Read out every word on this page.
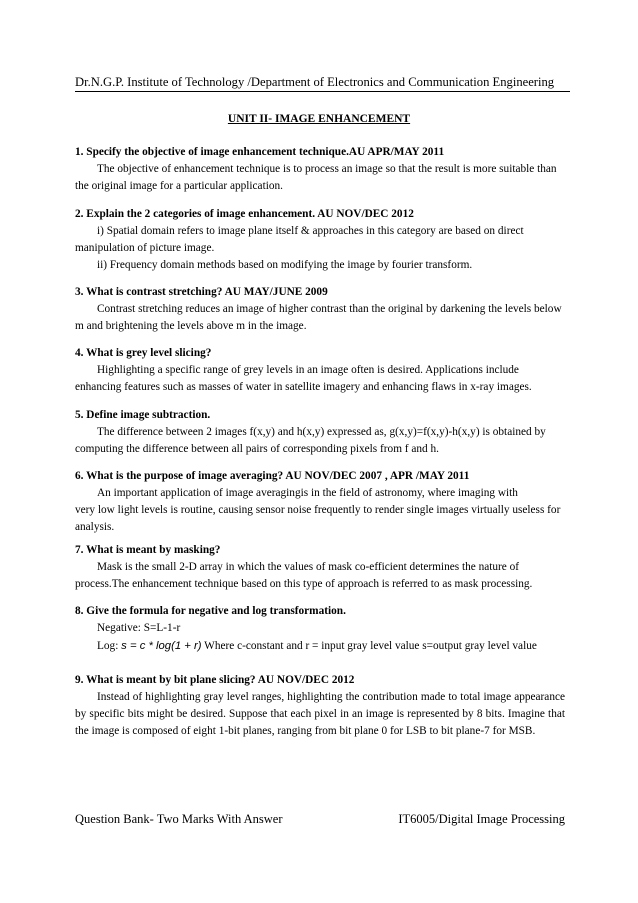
Dr.N.G.P. Institute of Technology /Department of Electronics and Communication Engineering
UNIT II- IMAGE ENHANCEMENT
1. Specify the objective of image enhancement technique.AU APR/MAY 2011
The objective of enhancement technique is to process an image so that the result is more suitable than the original image for a particular application.
2. Explain the 2 categories of image enhancement. AU NOV/DEC 2012
i) Spatial domain refers to image plane itself & approaches in this category are based on direct manipulation of picture image.
ii) Frequency domain methods based on modifying the image by fourier transform.
3. What is contrast stretching? AU MAY/JUNE 2009
Contrast stretching reduces an image of higher contrast than the original by darkening the levels below m and brightening the levels above m in the image.
4. What is grey level slicing?
Highlighting a specific range of grey levels in an image often is desired. Applications include enhancing features such as masses of water in satellite imagery and enhancing flaws in x-ray images.
5. Define image subtraction.
The difference between 2 images f(x,y) and h(x,y) expressed as, g(x,y)=f(x,y)-h(x,y) is obtained by computing the difference between all pairs of corresponding pixels from f and h.
6. What is the purpose of image averaging? AU NOV/DEC 2007 , APR /MAY 2011
An important application of image averagingis in the field of astronomy, where imaging with
very low light levels is routine, causing sensor noise frequently to render single images virtually useless for analysis.
7. What is meant by masking?
Mask is the small 2-D array in which the values of mask co-efficient determines the nature of process.The enhancement technique based on this type of approach is referred to as mask processing.
8. Give the formula for negative and log transformation.
Negative: S=L-1-r
Log: s = c * log(1 + r) Where c-constant and r = input gray level value s=output gray level value
9. What is meant by bit plane slicing? AU NOV/DEC 2012
Instead of highlighting gray level ranges, highlighting the contribution made to total image appearance by specific bits might be desired. Suppose that each pixel in an image is represented by 8 bits. Imagine that the image is composed of eight 1-bit planes, ranging from bit plane 0 for LSB to bit plane-7 for MSB.
Question Bank- Two Marks With Answer	IT6005/Digital Image Processing
